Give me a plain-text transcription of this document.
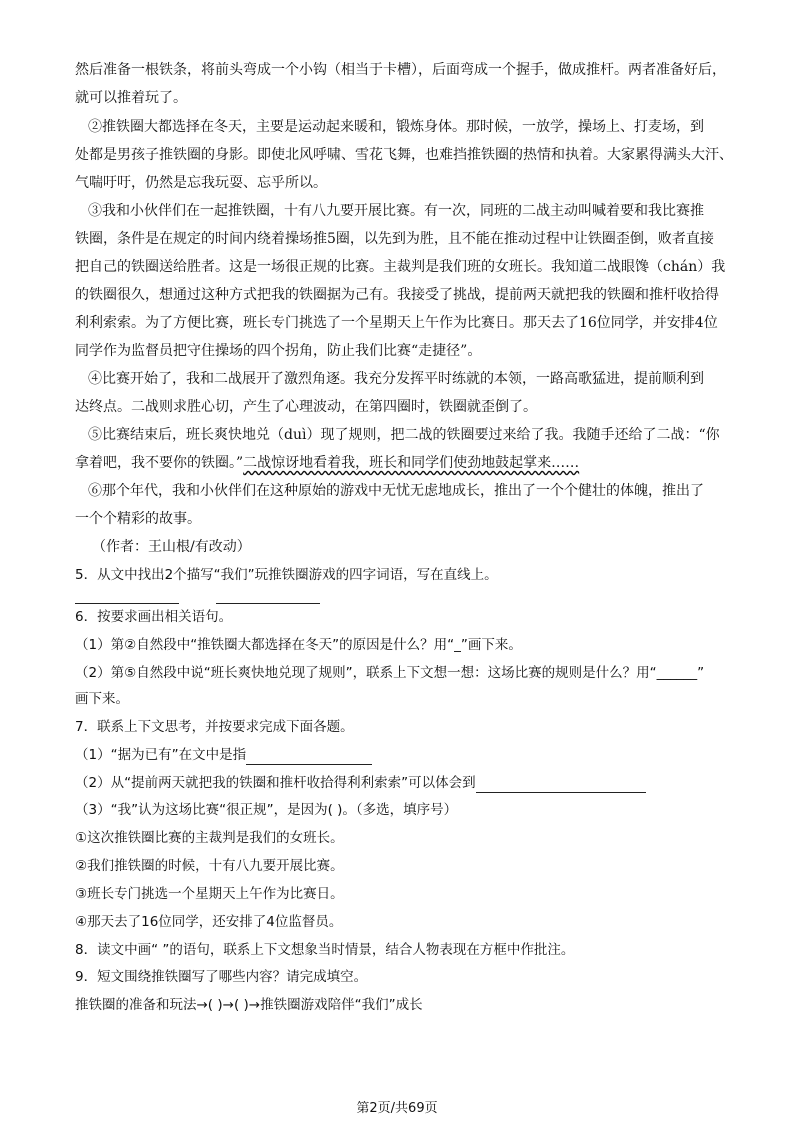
然后准备一根铁条，将前头弯成一个小钩（相当于卡槽），后面弯成一个握手，做成推杆。两者准备好后，
就可以推着玩了。
②推铁圈大都选择在冬天，主要是运动起来暖和，锻炼身体。那时候，一放学，操场上、打麦场，到
处都是男孩子推铁圈的身影。即使北风呼啸、雪花飞舞，也难挡推铁圈的热情和执着。大家累得满头大汗、
气喘吁吁，仍然是忘我玩耍、忘乎所以。
③我和小伙伴们在一起推铁圈，十有八九要开展比赛。有一次，同班的二战主动叫喊着要和我比赛推
铁圈，条件是在规定的时间内绕着操场推5圈，以先到为胜，且不能在推动过程中让铁圈歪倒，败者直接
把自己的铁圈送给胜者。这是一场很正规的比赛。主裁判是我们班的女班长。我知道二战眼馋（chán）我
的铁圈很久，想通过这种方式把我的铁圈据为己有。我接受了挑战，提前两天就把我的铁圈和推杆收拾得
利利索索。为了方便比赛，班长专门挑选了一个星期天上午作为比赛日。那天去了16位同学，并安排4位
同学作为监督员把守住操场的四个拐角，防止我们比赛“走捷径”。
④比赛开始了，我和二战展开了激烈角逐。我充分发挥平时练就的本领，一路高歌猛进，提前顺利到
达终点。二战则求胜心切，产生了心理波动，在第四圈时，铁圈就歪倒了。
⑤比赛结束后，班长爽快地兑（duì）现了规则，把二战的铁圈要过来给了我。我随手还给了二战：“你
拿着吧，我不要你的铁圈。”二战惊讶地看着我，班长和同学们使劲地鼓起掌来……
⑥那个年代，我和小伙伴们在这种原始的游戏中无忧无虑地成长，推出了一个个健壮的体魄，推出了
一个个精彩的故事。
（作者：王山根/有改动）
5．从文中找出2个描写“我们”玩推铁圈游戏的四字词语，写在直线上。

6．按要求画出相关语句。
（1）第②自然段中“推铁圈大都选择在冬天”的原因是什么？用“_”画下来。
（2）第⑤自然段中说“班长爽快地兑现了规则”，联系上下文想一想：这场比赛的规则是什么？用“______”
画下来。
7．联系上下文思考，并按要求完成下面各题。
（1）“据为已有”在文中是指
（2）从“提前两天就把我的铁圈和推杆收拾得利利索索”可以体会到
（3）“我”认为这场比赛“很正规”，是因为( )。（多选，填序号）
①这次推铁圈比赛的主裁判是我们的女班长。
②我们推铁圈的时候，十有八九要开展比赛。
③班长专门挑选一个星期天上午作为比赛日。
④那天去了16位同学，还安排了4位监督员。
8．读文中画“ ”的语句，联系上下文想象当时情景，结合人物表现在方框中作批注。
9．短文围绕推铁圈写了哪些内容？请完成填空。
推铁圈的准备和玩法→( )→( )→推铁圈游戏陪伴“我们”成长
第2页/共69页
